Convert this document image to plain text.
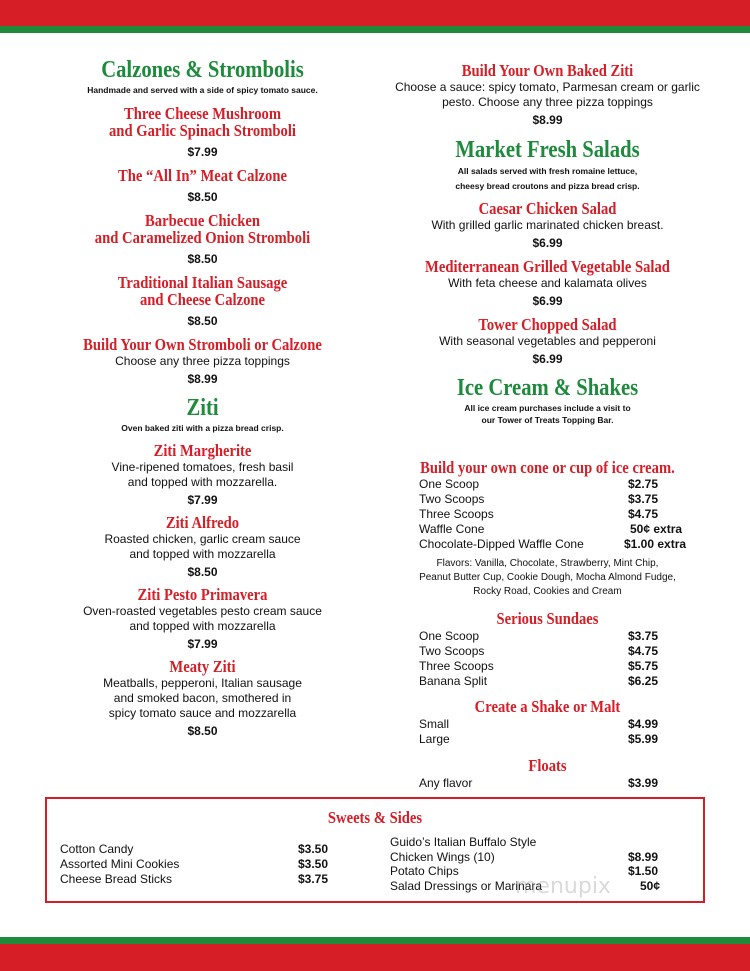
Calzones & Strombolis
Handmade and served with a side of spicy tomato sauce.
Three Cheese Mushroom
and Garlic Spinach Stromboli
$7.99
The “All In” Meat Calzone
$8.50
Barbecue Chicken
and Caramelized Onion Stromboli
$8.50
Traditional Italian Sausage
and Cheese Calzone
$8.50
Build Your Own Stromboli or Calzone
Choose any three pizza toppings
$8.99
Ziti
Oven baked ziti with a pizza bread crisp.
Ziti Margherite
Vine-ripened tomatoes, fresh basil
and topped with mozzarella.
$7.99
Ziti Alfredo
Roasted chicken, garlic cream sauce
and topped with mozzarella
$8.50
Ziti Pesto Primavera
Oven-roasted vegetables pesto cream sauce
and topped with mozzarella
$7.99
Meaty Ziti
Meatballs, pepperoni, Italian sausage
and smoked bacon, smothered in
spicy tomato sauce and mozzarella
$8.50
Build Your Own Baked Ziti
Choose a sauce: spicy tomato, Parmesan cream or garlic
pesto. Choose any three pizza toppings
$8.99
Market Fresh Salads
All salads served with fresh romaine lettuce,
cheesy bread croutons and pizza bread crisp.
Caesar Chicken Salad
With grilled garlic marinated chicken breast.
$6.99
Mediterranean Grilled Vegetable Salad
With feta cheese and kalamata olives
$6.99
Tower Chopped Salad
With seasonal vegetables and pepperoni
$6.99
Ice Cream & Shakes
All ice cream purchases include a visit to
our Tower of Treats Topping Bar.
Build your own cone or cup of ice cream.
One Scoop	$2.75
Two Scoops	$3.75
Three Scoops	$4.75
Waffle Cone	50¢ extra
Chocolate-Dipped Waffle Cone	$1.00 extra
Flavors: Vanilla, Chocolate, Strawberry, Mint Chip,
Peanut Butter Cup, Cookie Dough, Mocha Almond Fudge,
Rocky Road, Cookies and Cream
Serious Sundaes
One Scoop	$3.75
Two Scoops	$4.75
Three Scoops	$5.75
Banana Split	$6.25
Create a Shake or Malt
Small	$4.99
Large	$5.99
Floats
Any flavor	$3.99
Sweets & Sides
Cotton Candy	$3.50
Assorted Mini Cookies	$3.50
Cheese Bread Sticks	$3.75
Guido’s Italian Buffalo Style
Chicken Wings (10)	$8.99
Potato Chips	$1.50
Salad Dressings or Marinara	50¢
menupix
